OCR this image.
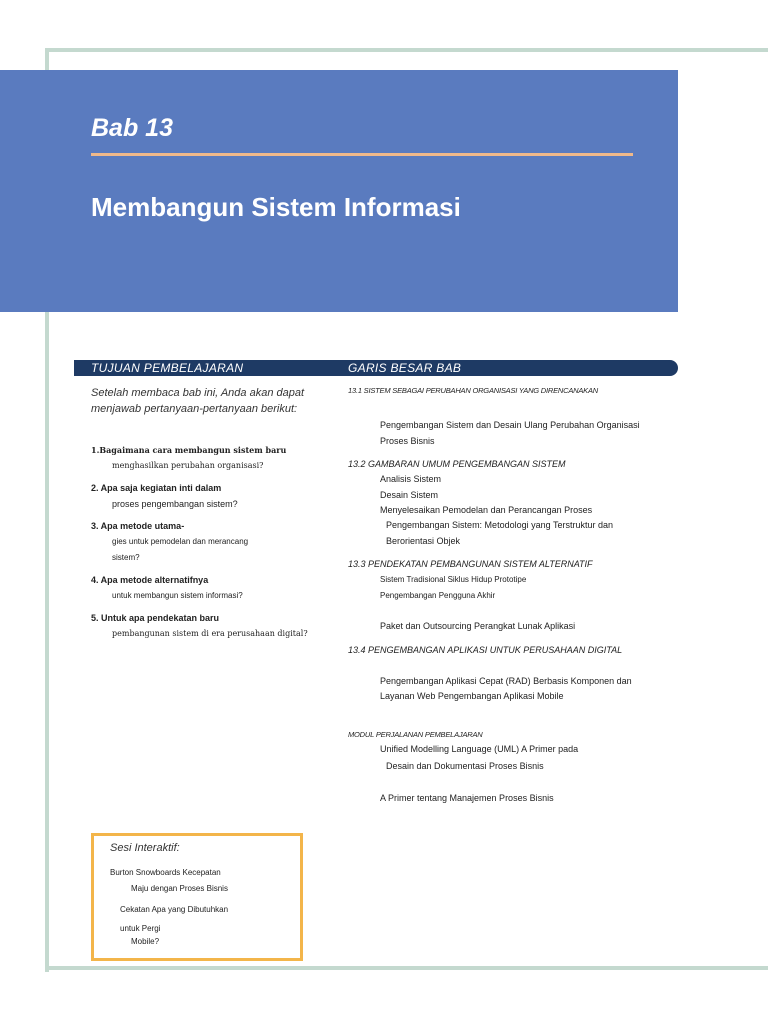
Bab 13
Membangun Sistem Informasi
TUJUAN PEMBELAJARAN	GARIS BESAR BAB
Setelah membaca bab ini, Anda akan dapat
menjawab pertanyaan-pertanyaan berikut:
1.Bagaimana cara membangun sistem baru
menghasilkan perubahan organisasi?
2. Apa saja kegiatan inti dalam
proses pengembangan sistem?
3. Apa metode utama-
gies untuk pemodelan dan merancang
sistem?
4. Apa metode alternatifnya
untuk membangun sistem informasi?
5. Untuk apa pendekatan baru
pembangunan sistem di era perusahaan digital?
13.1 SISTEM SEBAGAI PERUBAHAN ORGANISASI YANG DIRENCANAKAN
Pengembangan Sistem dan Desain Ulang Perubahan Organisasi
Proses Bisnis
13.2 GAMBARAN UMUM PENGEMBANGAN SISTEM
Analisis Sistem
Desain Sistem
Menyelesaikan Pemodelan dan Perancangan Proses
Pengembangan Sistem: Metodologi yang Terstruktur dan
Berorientasi Objek
13.3 PENDEKATAN PEMBANGUNAN SISTEM ALTERNATIF
Sistem Tradisional Siklus Hidup Prototipe
Pengembangan Pengguna Akhir
Paket dan Outsourcing Perangkat Lunak Aplikasi
13.4 PENGEMBANGAN APLIKASI UNTUK PERUSAHAAN DIGITAL
Pengembangan Aplikasi Cepat (RAD) Berbasis Komponen dan
Layanan Web Pengembangan Aplikasi Mobile
MODUL PERJALANAN PEMBELAJARAN
Unified Modelling Language (UML) A Primer pada
Desain dan Dokumentasi Proses Bisnis
A Primer tentang Manajemen Proses Bisnis
Sesi Interaktif:
Burton Snowboards Kecepatan
Maju dengan Proses Bisnis
Cekatan Apa yang Dibutuhkan
untuk Pergi
Mobile?
